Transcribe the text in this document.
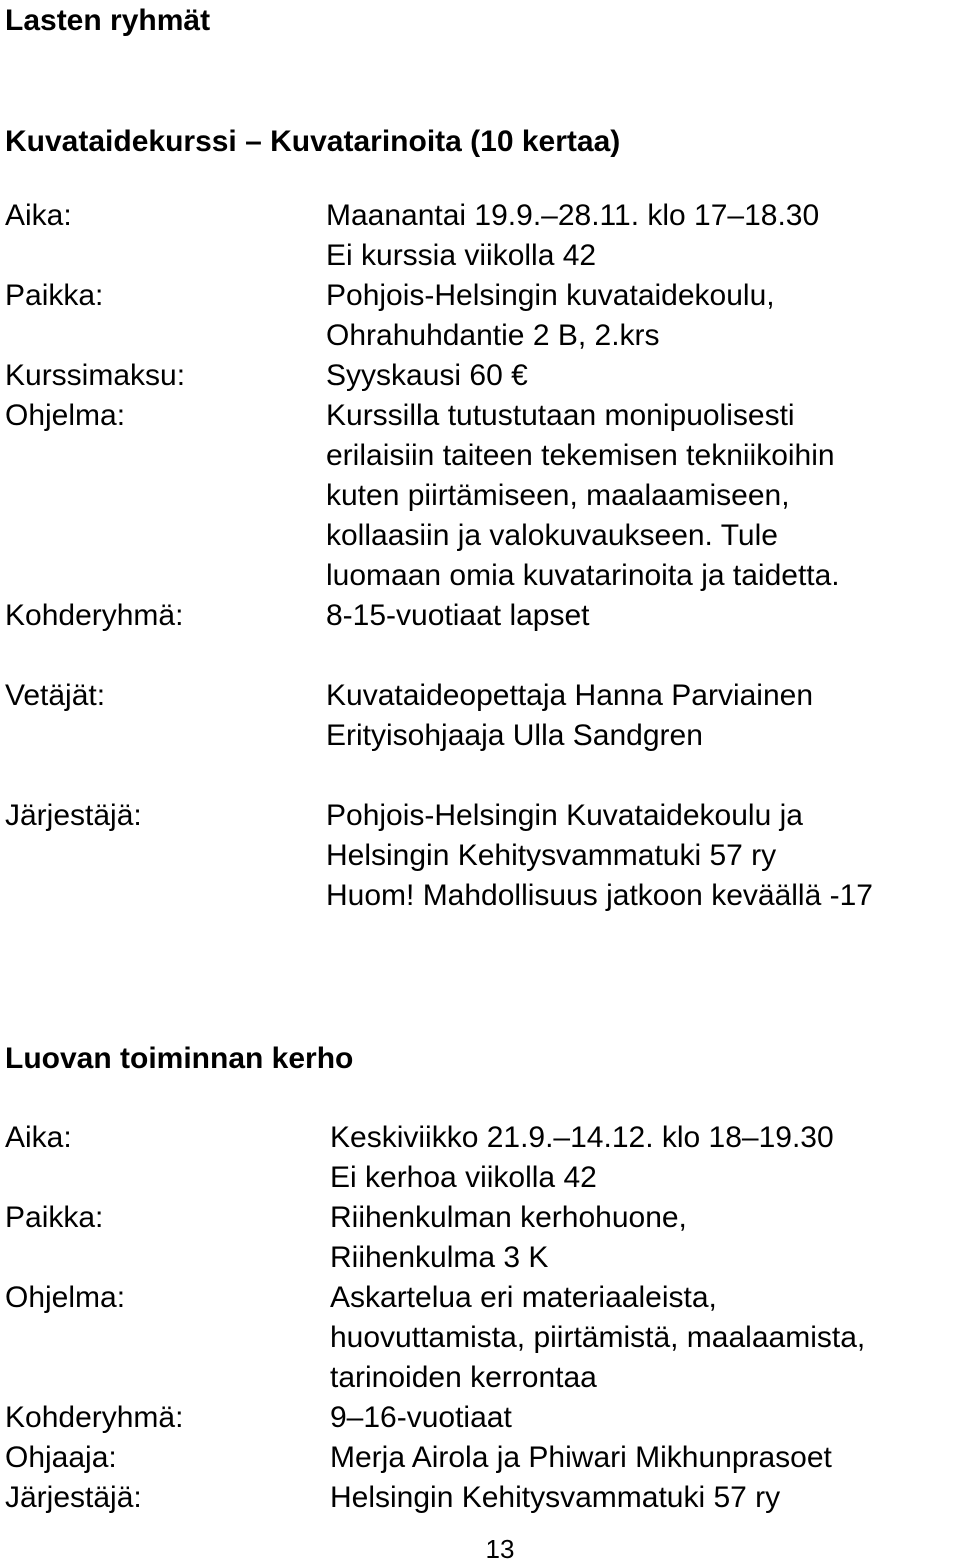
Lasten ryhmät
Kuvataidekurssi – Kuvatarinoita (10 kertaa)
Aika:	Maanantai 19.9.–28.11. klo 17–18.30
Ei kurssia viikolla 42
Paikka:	Pohjois-Helsingin kuvataidekoulu,
Ohrahuhdantie 2 B, 2.krs
Kurssimaksu:	Syyskausi 60 €
Ohjelma:	Kurssilla tutustutaan monipuolisesti
erilaisiin taiteen tekemisen tekniikoihin
kuten piirtämiseen, maalaamiseen,
kollaasiin ja valokuvaukseen. Tule
luomaan omia kuvatarinoita ja taidetta.
Kohderyhmä:	8-15-vuotiaat lapset
Vetäjät:	Kuvataideopettaja Hanna Parviainen
Erityisohjaaja Ulla Sandgren
Järjestäjä:	Pohjois-Helsingin Kuvataidekoulu ja
Helsingin Kehitysvammatuki 57 ry
Huom! Mahdollisuus jatkoon keväällä -17
Luovan toiminnan kerho
Aika:	Keskiviikko 21.9.–14.12. klo 18–19.30
Ei kerhoa viikolla 42
Paikka:	Riihenkulman kerhohuone,
Riihenkulma 3 K
Ohjelma:	Askartelua eri materiaaleista,
huovuttamista, piirtämistä, maalaamista,
tarinoiden kerrontaa
Kohderyhmä:	9–16-vuotiaat
Ohjaaja:	Merja Airola ja Phiwari Mikhunprasoet
Järjestäjä:	Helsingin Kehitysvammatuki 57 ry
13
